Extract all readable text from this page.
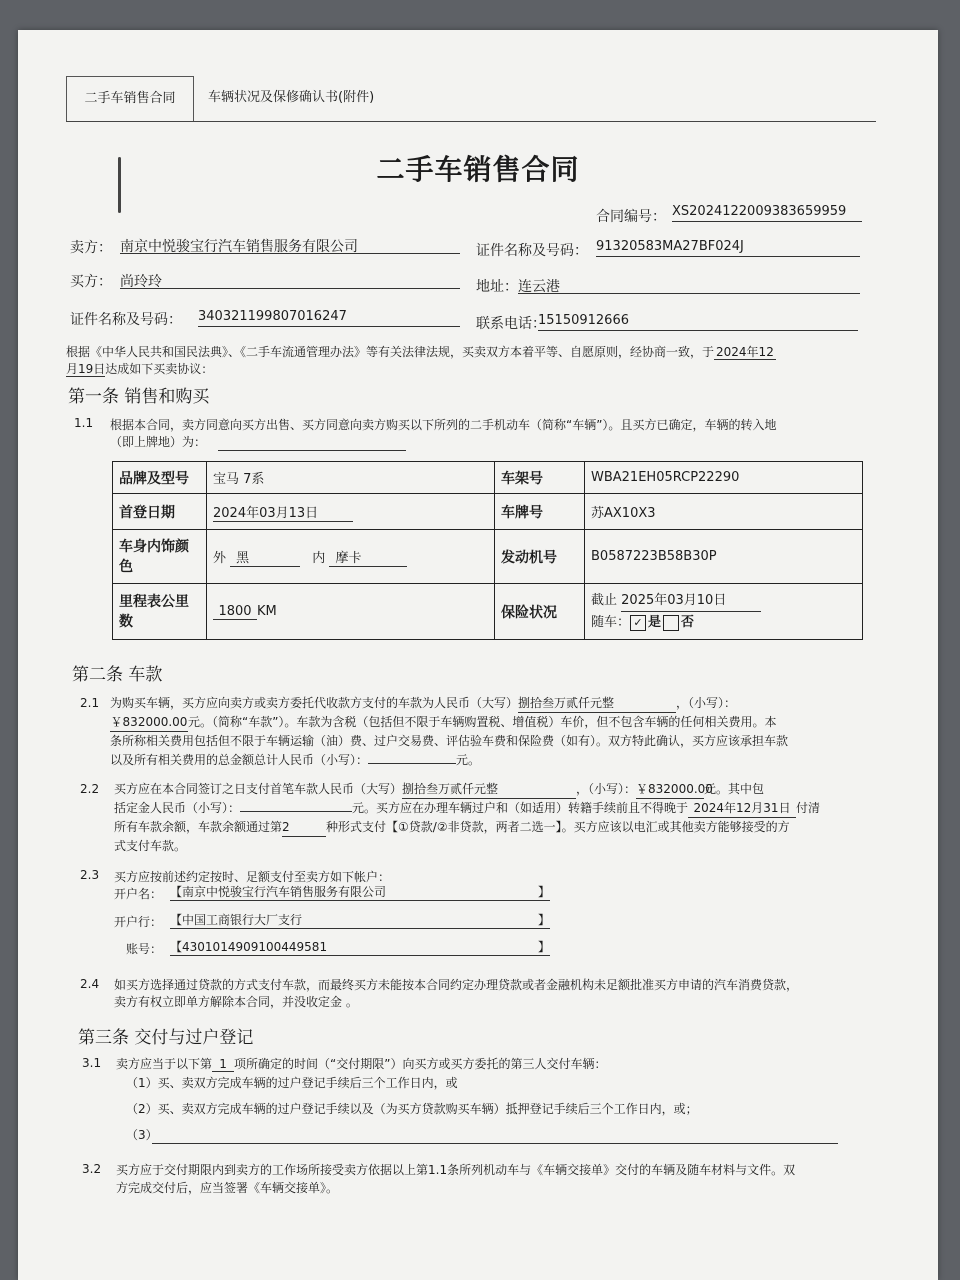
二手车销售合同	车辆状况及保修确认书(附件)
二手车销售合同
合同编号： XS2024122009383659959
卖方： 南京中悦骏宝行汽车销售服务有限公司	证件名称及号码： 91320583MA27BF024J
买方： 尚玲玲	地址： 连云港
证件名称及号码： 340321199807016247	联系电话：
15150912666
根据《中华人民共和国民法典》、《二手车流通管理办法》等有关法律法规，买卖双方本着平等、自愿原则，经协商一致，于 2024年12
月19日达成如下买卖协议：
第一条 销售和购买
1.1 根据本合同，卖方同意向买方出售、买方同意向卖方购买以下所列的二手机动车（简称“车辆”）。且买方已确定，车辆的转入地
（即上牌地）为：
品牌及型号	宝马 7系	车架号	WBA21EH05RCP22290
首登日期	2024年03月13日	车牌号	苏AX10X3
车身内饰颜色	外 黑 内 摩卡	发动机号	B0587223B58B30P
里程表公里数	1800 KM	保险状况	截止 2025年03月10日
随车： ✓ 是 否
第二条 车款
2.1 为购买车辆，买方应向卖方或卖方委托代收款方支付的车款为人民币（大写）捌拾叁万贰仟元整	，（小写）：
￥832000.00元。（简称“车款”）。车款为含税（包括但不限于车辆购置税、增值税）车价，但不包含车辆的任何相关费用。本
条所称相关费用包括但不限于车辆运输（油）费、过户交易费、评估验车费和保险费（如有）。双方特此确认，买方应该承担车款
以及所有相关费用的总金额总计人民币（小写）：	元。
2.2 买方应在本合同签订之日支付首笔车款人民币（大写）捌拾叁万贰仟元整	，（小写）：￥832000.00元。其中包
括定金人民币（小写）：	元。买方应在办理车辆过户和（如适用）转籍手续前且不得晚于 2024年12月31日 付清
所有车款余额，车款余额通过第2	种形式支付【①贷款/②非贷款，两者二选一】。买方应该以电汇或其他卖方能够接受的方
式支付车款。
2.3 买方应按前述约定按时、足额支付至卖方如下帐户：
开户名： 【南京中悦骏宝行汽车销售服务有限公司	】
开户行： 【中国工商银行大厂支行	】
账号： 【4301014909100449581	】
2.4 如买方选择通过贷款的方式支付车款，而最终买方未能按本合同约定办理贷款或者金融机构未足额批准买方申请的汽车消费贷款，
卖方有权立即单方解除本合同，并没收定金 。
第三条 交付与过户登记
3.1 卖方应当于以下第 1 项所确定的时间（“交付期限”）向买方或买方委托的第三人交付车辆：
（1）买、卖双方完成车辆的过户登记手续后三个工作日内，或
（2）买、卖双方完成车辆的过户登记手续以及（为买方贷款购买车辆）抵押登记手续后三个工作日内，或；
（3）
3.2 买方应于交付期限内到卖方的工作场所接受卖方依据以上第1.1条所列机动车与《车辆交接单》交付的车辆及随车材料与文件。双
方完成交付后，应当签署《车辆交接单》。
